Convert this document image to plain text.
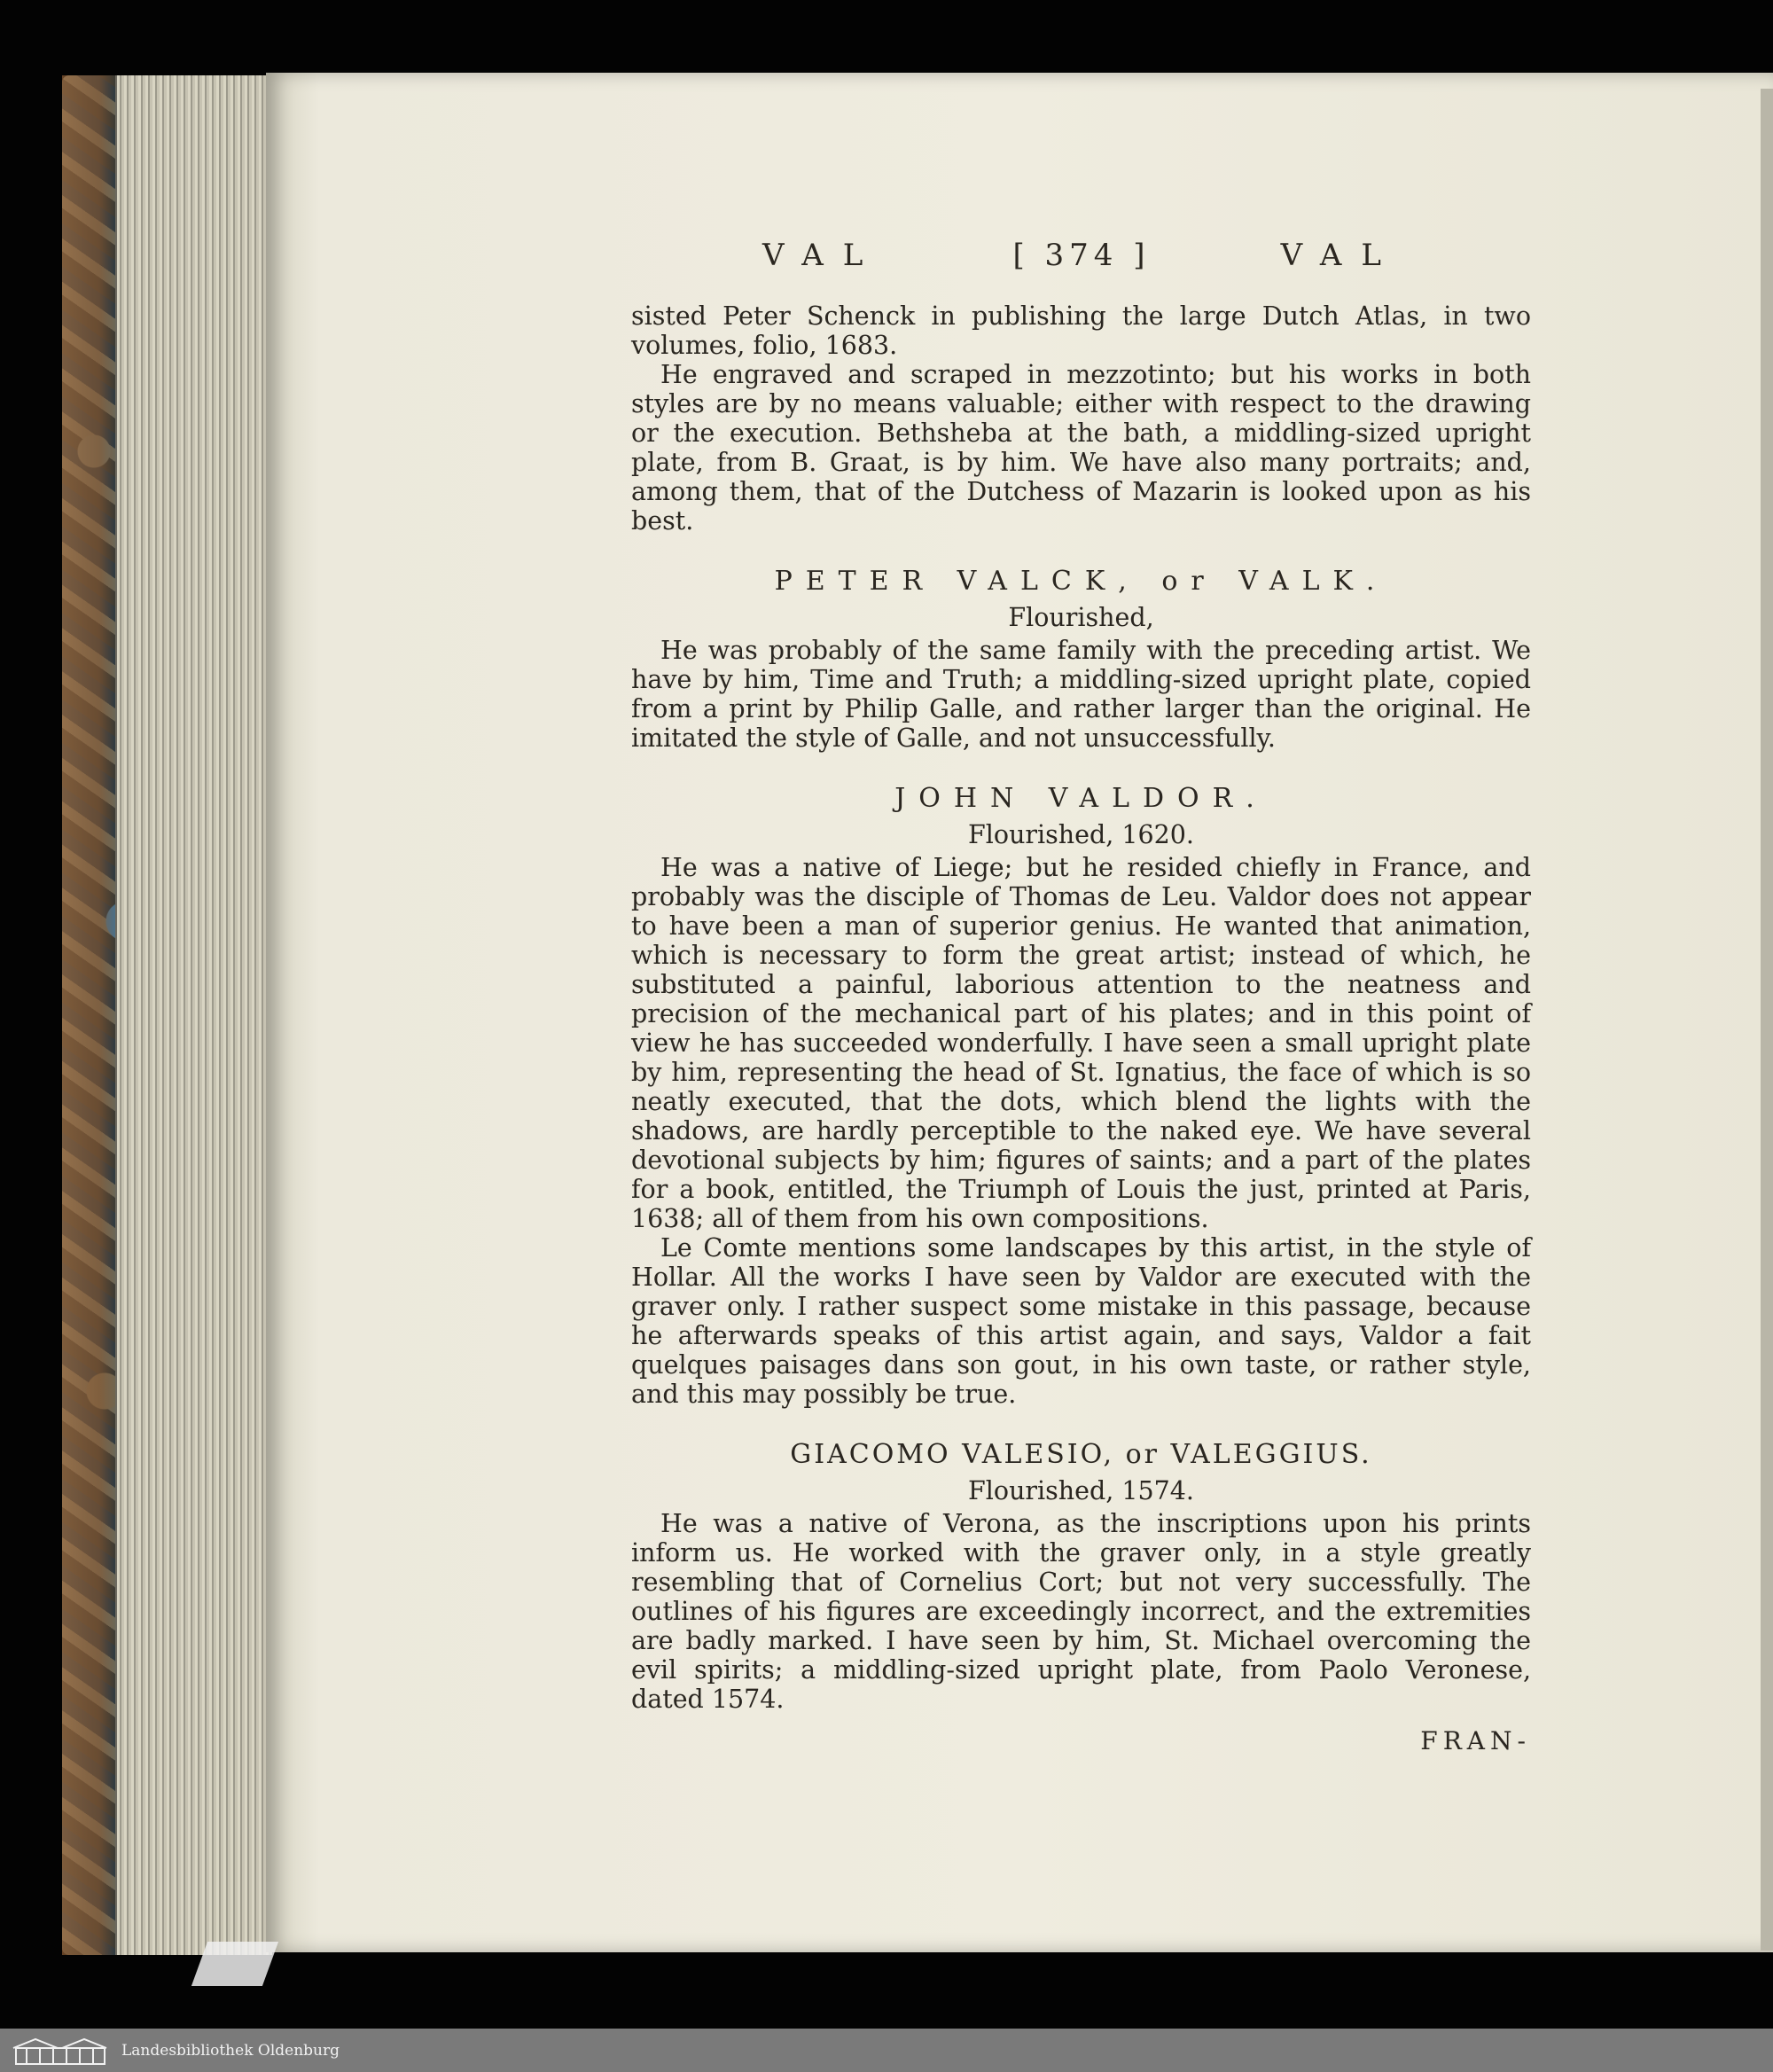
VAL	[ 374 ]	VAL

sisted Peter Schenck in publishing the large Dutch Atlas, in two volumes, folio, 1683.

He engraved and scraped in mezzotinto; but his works in both styles are by no means valuable; either with respect to the drawing or the execution. Bethsheba at the bath, a middling-sized upright plate, from B. Graat, is by him. We have also many portraits; and, among them, that of the Dutchess of Mazarin is looked upon as his best.

PETER VALCK, or VALK.
Flourished,

He was probably of the same family with the preceding artist. We have by him, Time and Truth; a middling-sized upright plate, copied from a print by Philip Galle, and rather larger than the original. He imitated the style of Galle, and not unsuccessfully.

JOHN VALDOR.
Flourished, 1620.

He was a native of Liege; but he resided chiefly in France, and probably was the disciple of Thomas de Leu. Valdor does not appear to have been a man of superior genius. He wanted that animation, which is necessary to form the great artist; instead of which, he substituted a painful, laborious attention to the neatness and precision of the mechanical part of his plates; and in this point of view he has succeeded wonderfully. I have seen a small upright plate by him, representing the head of St. Ignatius, the face of which is so neatly executed, that the dots, which blend the lights with the shadows, are hardly perceptible to the naked eye. We have several devotional subjects by him; figures of saints; and a part of the plates for a book, entitled, the Triumph of Louis the just, printed at Paris, 1638; all of them from his own compositions.

Le Comte mentions some landscapes by this artist, in the style of Hollar. All the works I have seen by Valdor are executed with the graver only. I rather suspect some mistake in this passage, because he afterwards speaks of this artist again, and says, Valdor a fait quelques paisages dans son gout, in his own taste, or rather style, and this may possibly be true.

GIACOMO VALESIO, or VALEGGIUS.
Flourished, 1574.

He was a native of Verona, as the inscriptions upon his prints inform us. He worked with the graver only, in a style greatly resembling that of Cornelius Cort; but not very successfully. The outlines of his figures are exceedingly incorrect, and the extremities are badly marked. I have seen by him, St. Michael overcoming the evil spirits; a middling-sized upright plate, from Paolo Veronese, dated 1574.

FRAN-
Landesbibliothek Oldenburg
